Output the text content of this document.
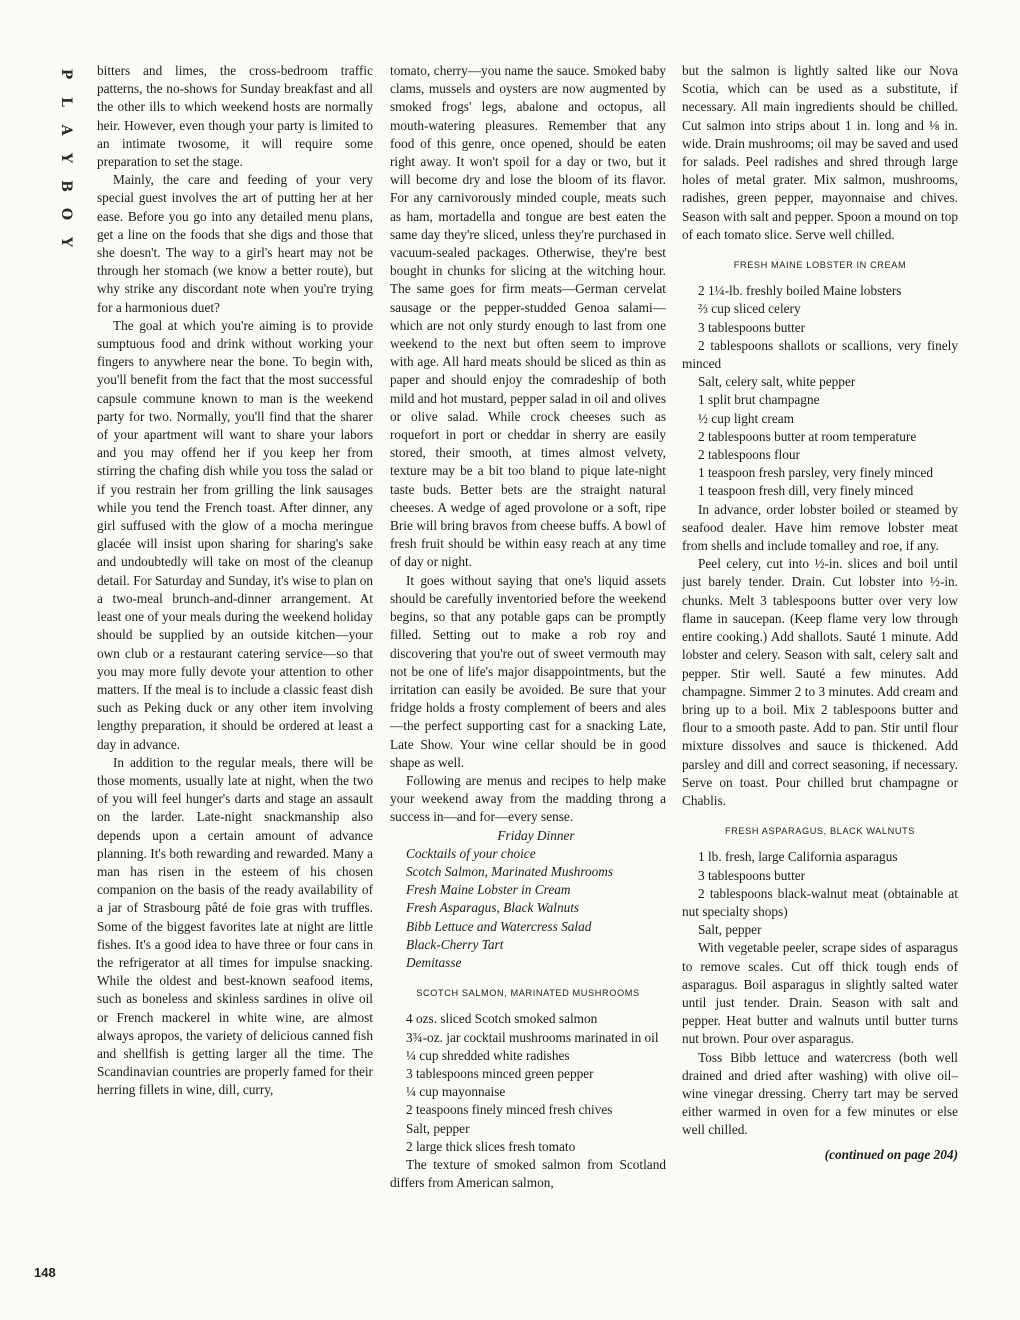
P
L
A
Y
B
O
Y
148

bitters and limes, the cross-bedroom traffic patterns, the no-shows for Sunday breakfast and all the other ills to which weekend hosts are normally heir. However, even though your party is limited to an intimate twosome, it will require some preparation to set the stage.

Mainly, the care and feeding of your very special guest involves the art of putting her at her ease. Before you go into any detailed menu plans, get a line on the foods that she digs and those that she doesn't. The way to a girl's heart may not be through her stomach (we know a better route), but why strike any discordant note when you're trying for a harmonious duet?

The goal at which you're aiming is to provide sumptuous food and drink without working your fingers to anywhere near the bone. To begin with, you'll benefit from the fact that the most successful capsule commune known to man is the weekend party for two. Normally, you'll find that the sharer of your apartment will want to share your labors and you may offend her if you keep her from stirring the chafing dish while you toss the salad or if you restrain her from grilling the link sausages while you tend the French toast. After dinner, any girl suffused with the glow of a mocha meringue glacée will insist upon sharing for sharing's sake and undoubtedly will take on most of the cleanup detail. For Saturday and Sunday, it's wise to plan on a two-meal brunch-and-dinner arrangement. At least one of your meals during the weekend holiday should be supplied by an outside kitchen—your own club or a restaurant catering service—so that you may more fully devote your attention to other matters. If the meal is to include a classic feast dish such as Peking duck or any other item involving lengthy preparation, it should be ordered at least a day in advance.

In addition to the regular meals, there will be those moments, usually late at night, when the two of you will feel hunger's darts and stage an assault on the larder. Late-night snackmanship also depends upon a certain amount of advance planning. It's both rewarding and rewarded. Many a man has risen in the esteem of his chosen companion on the basis of the ready availability of a jar of Strasbourg pâté de foie gras with truffles. Some of the biggest favorites late at night are little fishes. It's a good idea to have three or four cans in the refrigerator at all times for impulse snacking. While the oldest and best-known seafood items, such as boneless and skinless sardines in olive oil or French mackerel in white wine, are almost always apropos, the variety of delicious canned fish and shellfish is getting larger all the time. The Scandinavian countries are properly famed for their herring fillets in wine, dill, curry,

tomato, cherry—you name the sauce. Smoked baby clams, mussels and oysters are now augmented by smoked frogs' legs, abalone and octopus, all mouth-watering pleasures. Remember that any food of this genre, once opened, should be eaten right away. It won't spoil for a day or two, but it will become dry and lose the bloom of its flavor. For any carnivorously minded couple, meats such as ham, mortadella and tongue are best eaten the same day they're sliced, unless they're purchased in vacuum-sealed packages. Otherwise, they're best bought in chunks for slicing at the witching hour. The same goes for firm meats—German cervelat sausage or the pepper-studded Genoa salami—which are not only sturdy enough to last from one weekend to the next but often seem to improve with age. All hard meats should be sliced as thin as paper and should enjoy the comradeship of both mild and hot mustard, pepper salad in oil and olives or olive salad. While crock cheeses such as roquefort in port or cheddar in sherry are easily stored, their smooth, at times almost velvety, texture may be a bit too bland to pique late-night taste buds. Better bets are the straight natural cheeses. A wedge of aged provolone or a soft, ripe Brie will bring bravos from cheese buffs. A bowl of fresh fruit should be within easy reach at any time of day or night.

It goes without saying that one's liquid assets should be carefully inventoried before the weekend begins, so that any potable gaps can be promptly filled. Setting out to make a rob roy and discovering that you're out of sweet vermouth may not be one of life's major disappointments, but the irritation can easily be avoided. Be sure that your fridge holds a frosty complement of beers and ales—the perfect supporting cast for a snacking Late, Late Show. Your wine cellar should be in good shape as well.

Following are menus and recipes to help make your weekend away from the madding throng a success in—and for—every sense.

Friday Dinner

Cocktails of your choice

Scotch Salmon, Marinated Mushrooms

Fresh Maine Lobster in Cream

Fresh Asparagus, Black Walnuts

Bibb Lettuce and Watercress Salad

Black-Cherry Tart

Demitasse

SCOTCH SALMON, MARINATED MUSHROOMS

4 ozs. sliced Scotch smoked salmon

3¾-oz. jar cocktail mushrooms marinated in oil

¼ cup shredded white radishes

3 tablespoons minced green pepper

¼ cup mayonnaise

2 teaspoons finely minced fresh chives

Salt, pepper

2 large thick slices fresh tomato

The texture of smoked salmon from Scotland differs from American salmon,

but the salmon is lightly salted like our Nova Scotia, which can be used as a substitute, if necessary. All main ingredients should be chilled. Cut salmon into strips about 1 in. long and ⅛ in. wide. Drain mushrooms; oil may be saved and used for salads. Peel radishes and shred through large holes of metal grater. Mix salmon, mushrooms, radishes, green pepper, mayonnaise and chives. Season with salt and pepper. Spoon a mound on top of each tomato slice. Serve well chilled.

FRESH MAINE LOBSTER IN CREAM

2 1¼-lb. freshly boiled Maine lobsters

⅔ cup sliced celery

3 tablespoons butter

2 tablespoons shallots or scallions, very finely minced

Salt, celery salt, white pepper

1 split brut champagne

½ cup light cream

2 tablespoons butter at room temperature

2 tablespoons flour

1 teaspoon fresh parsley, very finely minced

1 teaspoon fresh dill, very finely minced

In advance, order lobster boiled or steamed by seafood dealer. Have him remove lobster meat from shells and include tomalley and roe, if any.

Peel celery, cut into ½-in. slices and boil until just barely tender. Drain. Cut lobster into ½-in. chunks. Melt 3 tablespoons butter over very low flame in saucepan. (Keep flame very low through entire cooking.) Add shallots. Sauté 1 minute. Add lobster and celery. Season with salt, celery salt and pepper. Stir well. Sauté a few minutes. Add champagne. Simmer 2 to 3 minutes. Add cream and bring up to a boil. Mix 2 tablespoons butter and flour to a smooth paste. Add to pan. Stir until flour mixture dissolves and sauce is thickened. Add parsley and dill and correct seasoning, if necessary. Serve on toast. Pour chilled brut champagne or Chablis.

FRESH ASPARAGUS, BLACK WALNUTS

1 lb. fresh, large California asparagus

3 tablespoons butter

2 tablespoons black-walnut meat (obtainable at nut specialty shops)

Salt, pepper

With vegetable peeler, scrape sides of asparagus to remove scales. Cut off thick tough ends of asparagus. Boil asparagus in slightly salted water until just tender. Drain. Season with salt and pepper. Heat butter and walnuts until butter turns nut brown. Pour over asparagus.

Toss Bibb lettuce and watercress (both well drained and dried after washing) with olive oil–wine vinegar dressing. Cherry tart may be served either warmed in oven for a few minutes or else well chilled.

(continued on page 204)
